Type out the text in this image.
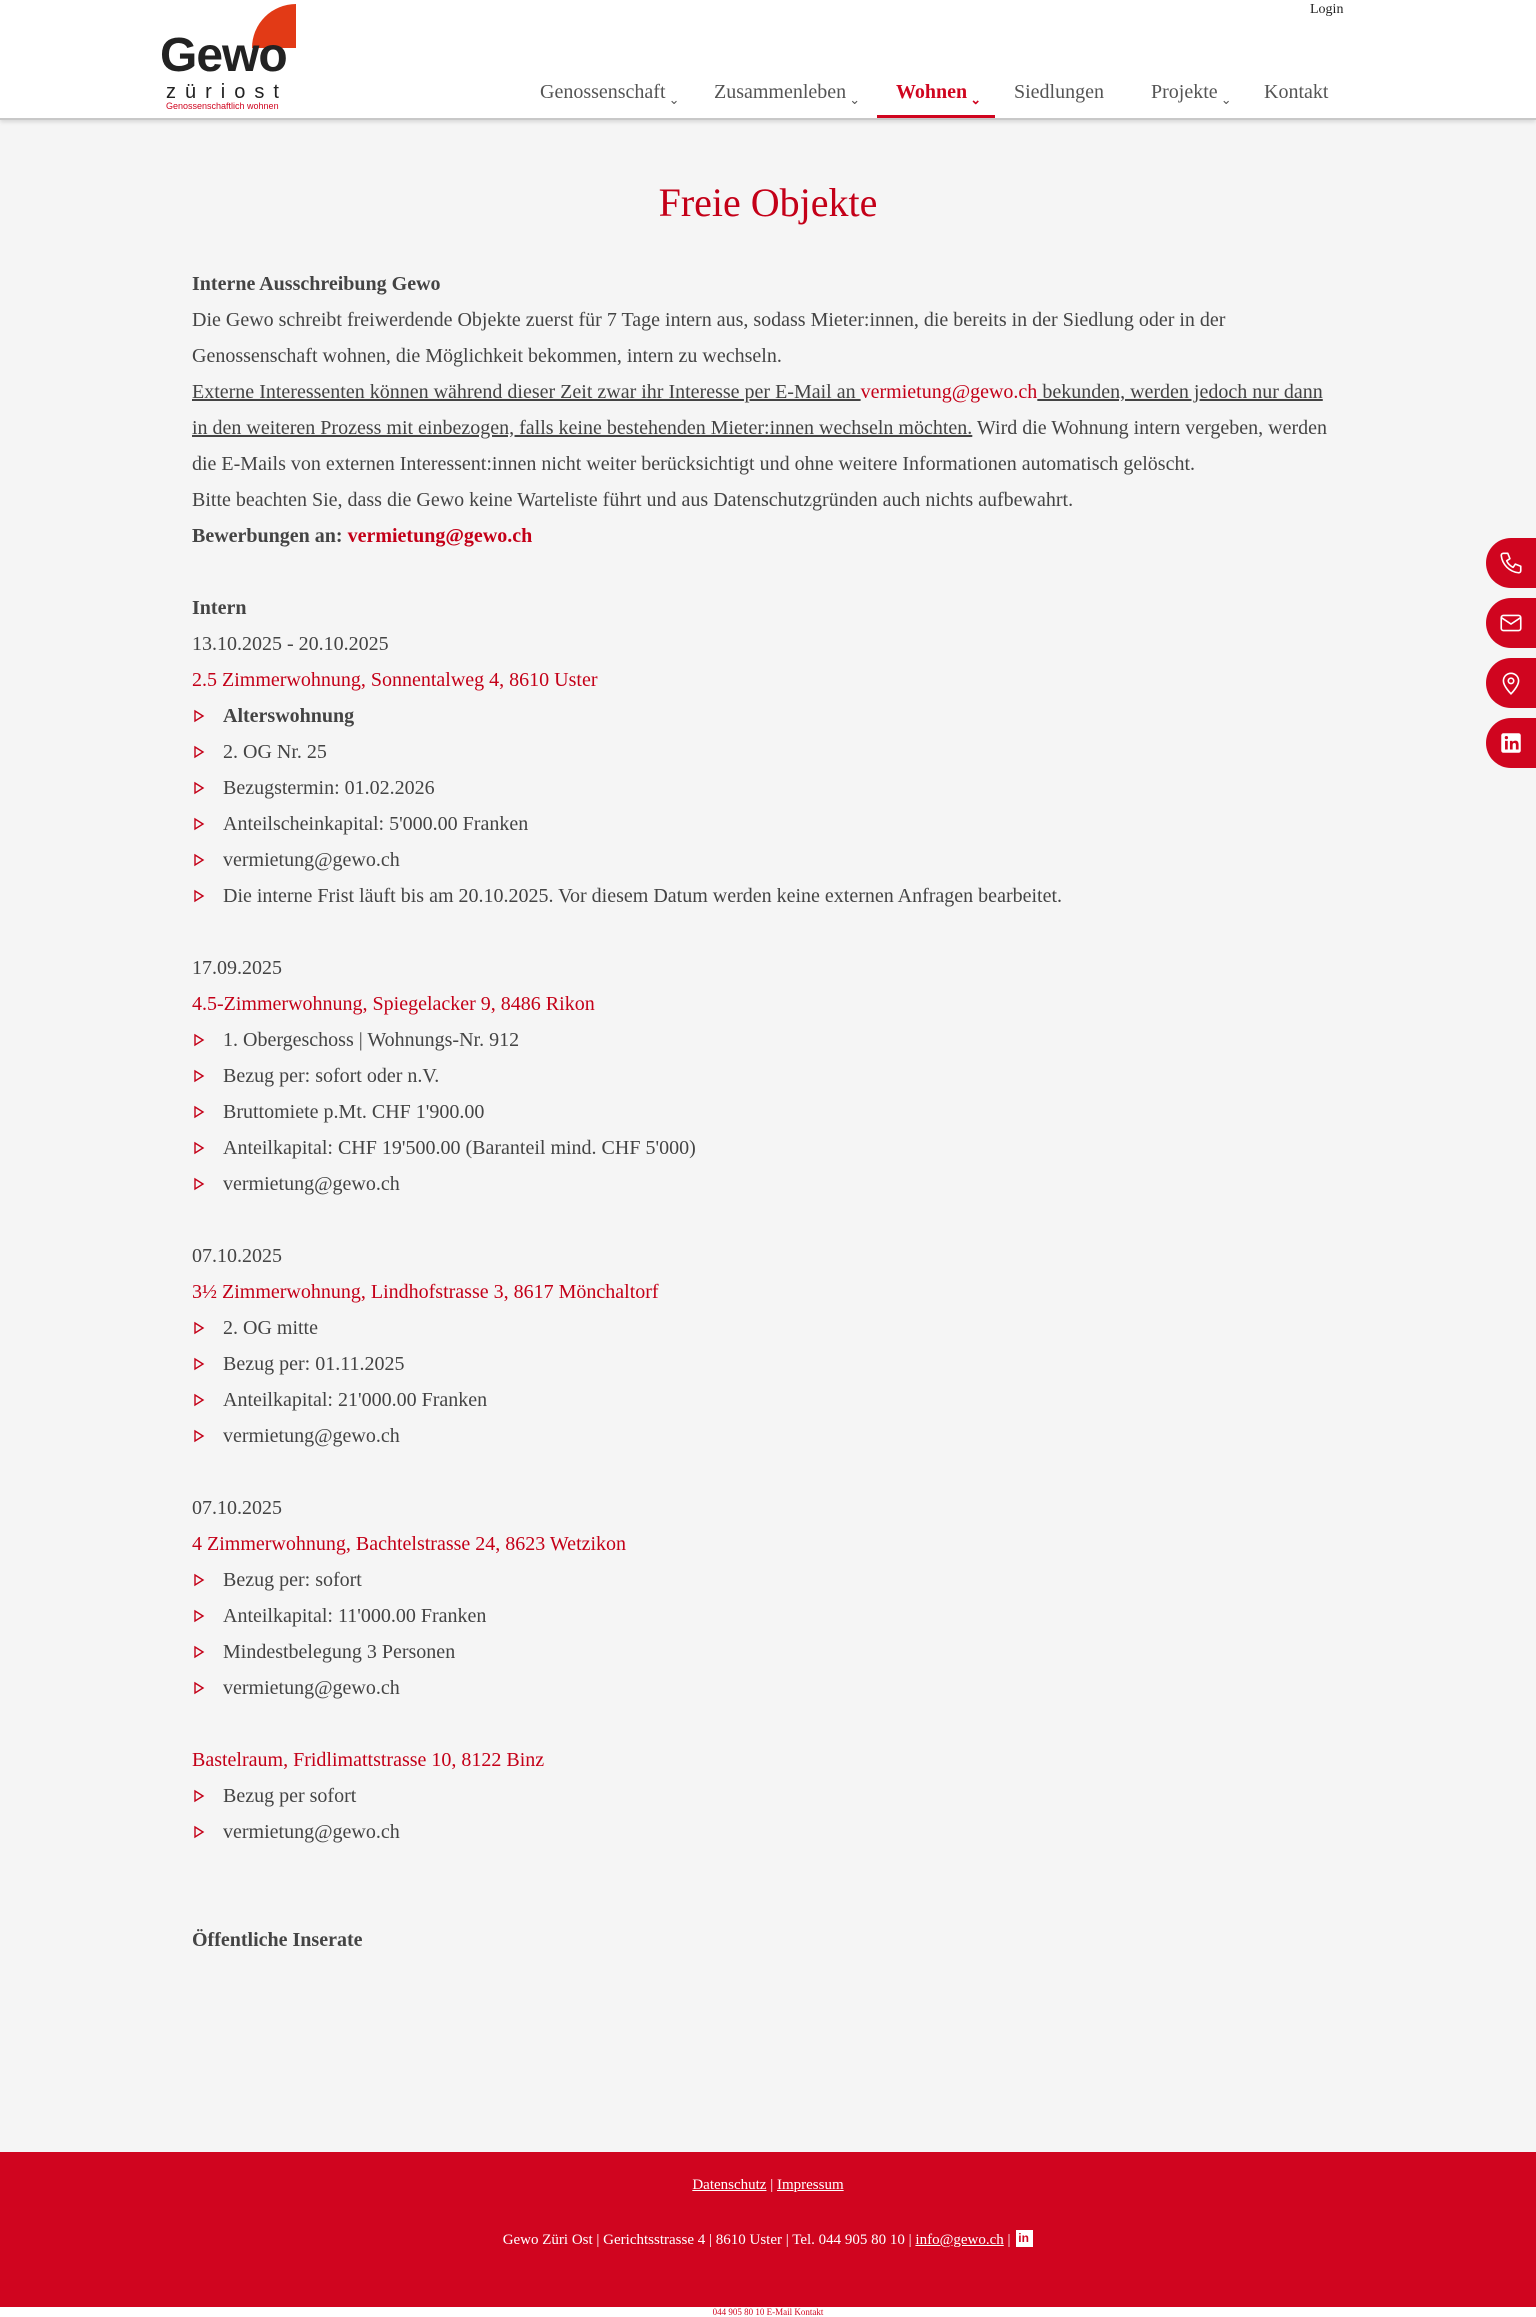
Gewo
züriost
Genossenschaftlich wohnen
Login
Genossenschaft ⌄ Zusammenleben ⌄ Wohnen ⌄ Siedlungen Projekte ⌄ Kontakt
Freie Objekte

Interne Ausschreibung Gewo

Die Gewo schreibt freiwerdende Objekte zuerst für 7 Tage intern aus, sodass Mieter:innen, die bereits in der Siedlung oder in der Genossenschaft wohnen, die Möglichkeit bekommen, intern zu wechseln.

Externe Interessenten können während dieser Zeit zwar ihr Interesse per E-Mail an vermietung@gewo.ch bekunden, werden jedoch nur dann in den weiteren Prozess mit einbezogen, falls keine bestehenden Mieter:innen wechseln möchten. Wird die Wohnung intern vergeben, werden die E-Mails von externen Interessent:innen nicht weiter berücksichtigt und ohne weitere Informationen automatisch gelöscht.

Bitte beachten Sie, dass die Gewo keine Warteliste führt und aus Datenschutzgründen auch nichts aufbewahrt.

Bewerbungen an: vermietung@gewo.ch

Intern

13.10.2025 - 20.10.2025

2.5 Zimmerwohnung, Sonnentalweg 4, 8610 Uster

Alterswohnung
2. OG Nr. 25
Bezugstermin: 01.02.2026
Anteilscheinkapital: 5'000.00 Franken
vermietung@gewo.ch
Die interne Frist läuft bis am 20.10.2025. Vor diesem Datum werden keine externen Anfragen bearbeitet.

17.09.2025

4.5-Zimmerwohnung, Spiegelacker 9, 8486 Rikon

1. Obergeschoss | Wohnungs-Nr. 912
Bezug per: sofort oder n.V.
Bruttomiete p.Mt. CHF 1'900.00
Anteilkapital: CHF 19'500.00 (Baranteil mind. CHF 5'000)
vermietung@gewo.ch

07.10.2025

3½ Zimmerwohnung, Lindhofstrasse 3, 8617 Mönchaltorf

2. OG mitte
Bezug per: 01.11.2025
Anteilkapital: 21'000.00 Franken
vermietung@gewo.ch

07.10.2025

4 Zimmerwohnung, Bachtelstrasse 24, 8623 Wetzikon

Bezug per: sofort
Anteilkapital: 11'000.00 Franken
Mindestbelegung 3 Personen
vermietung@gewo.ch

Bastelraum, Fridlimattstrasse 10, 8122 Binz

Bezug per sofort
vermietung@gewo.ch

Öffentliche Inserate

Datenschutz | Impressum
Gewo Züri Ost | Gerichtsstrasse 4 | 8610 Uster | Tel. 044 905 80 10 | info@gewo.ch | in
044 905 80 10 E-Mail Kontakt
